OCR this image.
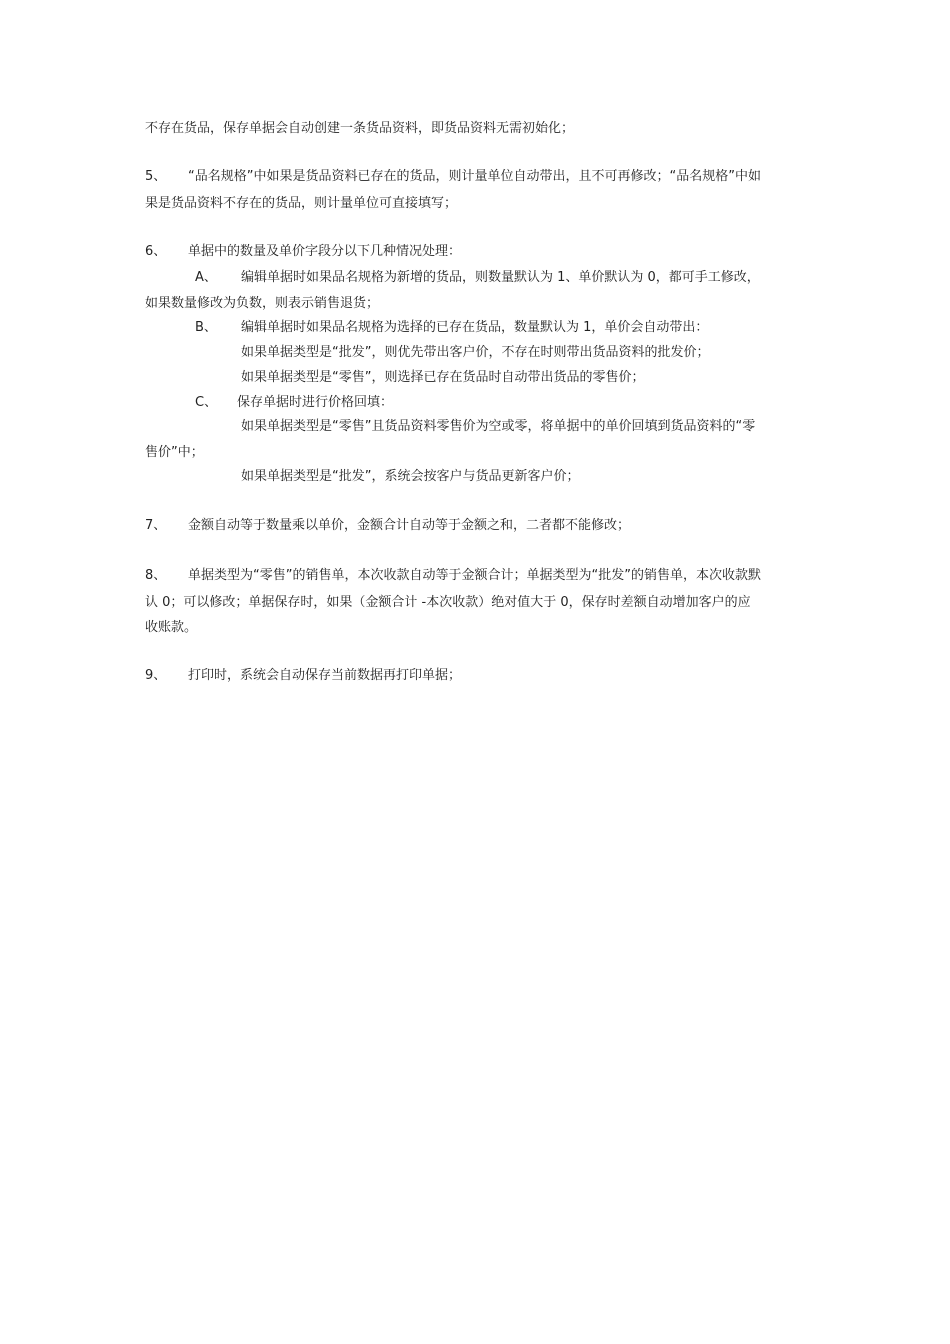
不存在货品，保存单据会自动创建一条货品资料，即货品资料无需初始化；
5、 “品名规格”中如果是货品资料已存在的货品，则计量单位自动带出，且不可再修改；“品名规格”中如
果是货品资料不存在的货品，则计量单位可直接填写；
6、 单据中的数量及单价字段分以下几种情况处理：
A、 编辑单据时如果品名规格为新增的货品，则数量默认为 1、单价默认为 0，都可手工修改，
如果数量修改为负数，则表示销售退货；
B、 编辑单据时如果品名规格为选择的已存在货品，数量默认为 1，单价会自动带出：
如果单据类型是“批发”，则优先带出客户价，不存在时则带出货品资料的批发价；
如果单据类型是“零售”，则选择已存在货品时自动带出货品的零售价；
C、 保存单据时进行价格回填：
如果单据类型是“零售”且货品资料零售价为空或零，将单据中的单价回填到货品资料的“零
售价”中；
如果单据类型是“批发”，系统会按客户与货品更新客户价；
7、 金额自动等于数量乘以单价，金额合计自动等于金额之和，二者都不能修改；
8、 单据类型为“零售”的销售单，本次收款自动等于金额合计；单据类型为“批发”的销售单，本次收款默
认 0；可以修改；单据保存时，如果（金额合计 -本次收款）绝对值大于 0，保存时差额自动增加客户的应
收账款。
9、 打印时，系统会自动保存当前数据再打印单据；
